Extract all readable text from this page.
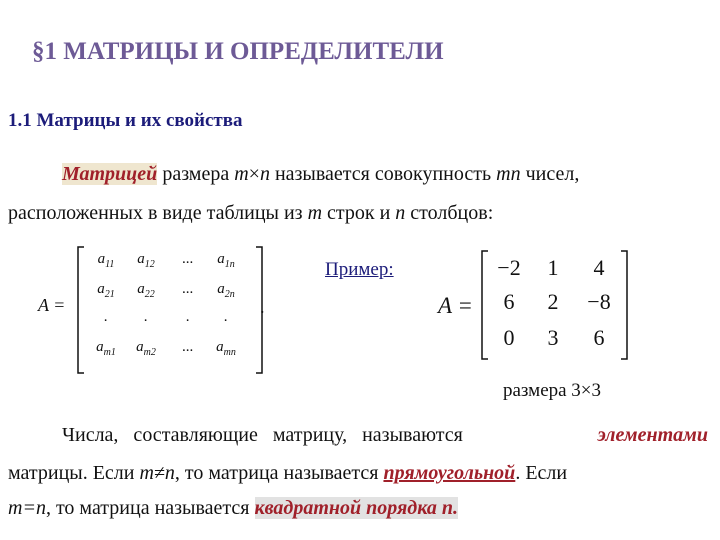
§1 МАТРИЦЫ И ОПРЕДЕЛИТЕЛИ
1.1 Матрицы и их свойства
Матрицей размера m×n называется совокупность mn чисел,
расположенных в виде таблицы из m строк и n столбцов:
A =
$a_{11}$	$a_{12}$	...	$a_{1n}$
$a_{21}$	$a_{22}$	...	$a_{2n}$
.	.	.	.
$a_{m1}$	$a_{m2}$	...	$a_{mn}$
.
Пример:
A =
−2	1	4
6	2	−8
0	3	6
размера 3×3
Числа,   составляющие   матрицу,   называются	элементами
матрицы. Если m≠n, то матрица называется прямоугольной. Если
m=n, то матрица называется квадратной порядка n.
